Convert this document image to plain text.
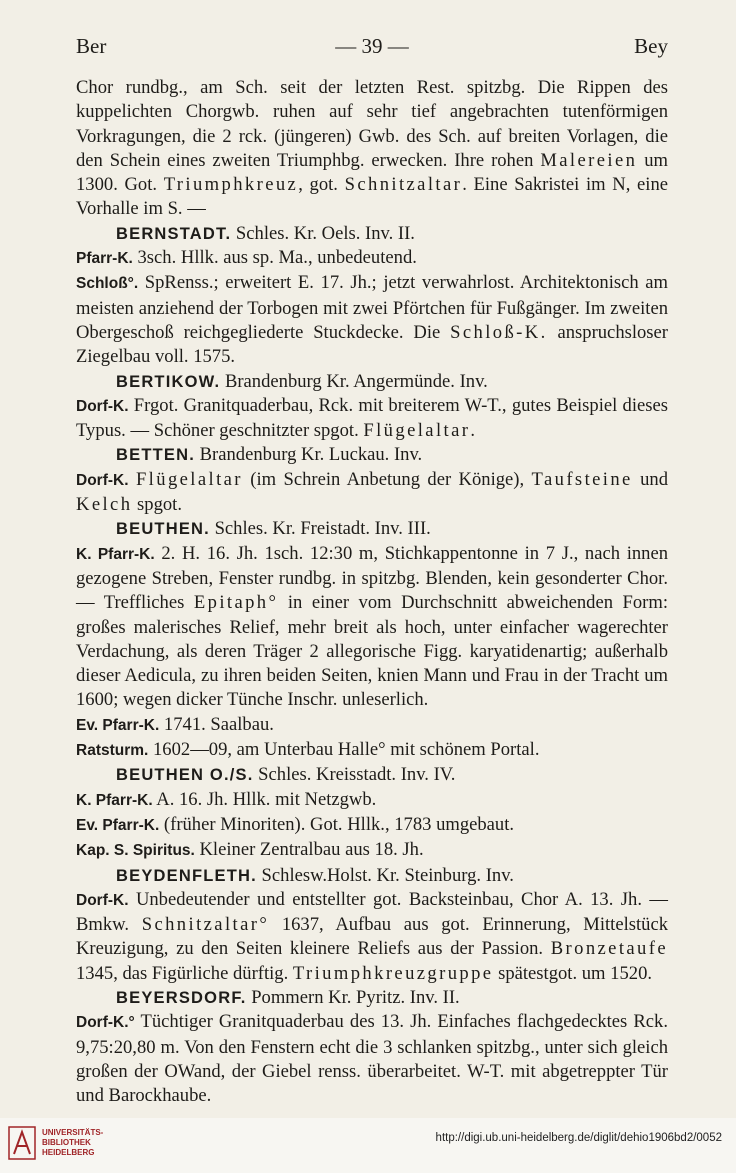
Ber	— 39 —	Bey

Chor rundbg., am Sch. seit der letzten Rest. spitzbg. Die Rippen des kuppelichten Chorgwb. ruhen auf sehr tief angebrachten tutenförmigen Vorkragungen, die 2 rck. (jüngeren) Gwb. des Sch. auf breiten Vorlagen, die den Schein eines zweiten Triumphbg. erwecken. Ihre rohen Malereien um 1300. Got. Triumphkreuz, got. Schnitzaltar. Eine Sakristei im N, eine Vorhalle im S. —

BERNSTADT. Schles. Kr. Oels. Inv. II.

Pfarr-K. 3sch. Hllk. aus sp. Ma., unbedeutend.

Schloß°. SpRenss.; erweitert E. 17. Jh.; jetzt verwahrlost. Architektonisch am meisten anziehend der Torbogen mit zwei Pförtchen für Fußgänger. Im zweiten Obergeschoß reichgegliederte Stuckdecke. Die Schloß-K. anspruchsloser Ziegelbau voll. 1575.

BERTIKOW. Brandenburg Kr. Angermünde. Inv.

Dorf-K. Frgot. Granitquaderbau, Rck. mit breiterem W-T., gutes Beispiel dieses Typus. — Schöner geschnitzter spgot. Flügelaltar.

BETTEN. Brandenburg Kr. Luckau. Inv.

Dorf-K. Flügelaltar (im Schrein Anbetung der Könige), Taufsteine und Kelch spgot.

BEUTHEN. Schles. Kr. Freistadt. Inv. III.

K. Pfarr-K. 2. H. 16. Jh. 1sch. 12:30 m, Stichkappentonne in 7 J., nach innen gezogene Streben, Fenster rundbg. in spitzbg. Blenden, kein gesonderter Chor. — Treffliches Epitaph° in einer vom Durchschnitt abweichenden Form: großes malerisches Relief, mehr breit als hoch, unter einfacher wagerechter Verdachung, als deren Träger 2 allegorische Figg. karyatidenartig; außerhalb dieser Aedicula, zu ihren beiden Seiten, knien Mann und Frau in der Tracht um 1600; wegen dicker Tünche Inschr. unleserlich.

Ev. Pfarr-K. 1741. Saalbau.

Ratsturm. 1602—09, am Unterbau Halle° mit schönem Portal.

BEUTHEN O./S. Schles. Kreisstadt. Inv. IV.

K. Pfarr-K. A. 16. Jh. Hllk. mit Netzgwb.

Ev. Pfarr-K. (früher Minoriten). Got. Hllk., 1783 umgebaut.

Kap. S. Spiritus. Kleiner Zentralbau aus 18. Jh.

BEYDENFLETH. Schlesw.Holst. Kr. Steinburg. Inv.

Dorf-K. Unbedeutender und entstellter got. Backsteinbau, Chor A. 13. Jh. — Bmkw. Schnitzaltar° 1637, Aufbau aus got. Erinnerung, Mittelstück Kreuzigung, zu den Seiten kleinere Reliefs aus der Passion. Bronzetaufe 1345, das Figürliche dürftig. Triumphkreuzgruppe spätestgot. um 1520.

BEYERSDORF. Pommern Kr. Pyritz. Inv. II.

Dorf-K.° Tüchtiger Granitquaderbau des 13. Jh. Einfaches flachgedecktes Rck. 9,75:20,80 m. Von den Fenstern echt die 3 schlanken spitzbg., unter sich gleich großen der OWand, der Giebel renss. überarbeitet. W-T. mit abgetreppter Tür und Barockhaube.

UNIVERSITÄTS-
BIBLIOTHEK
HEIDELBERG
http://digi.ub.uni-heidelberg.de/diglit/dehio1906bd2/0052
